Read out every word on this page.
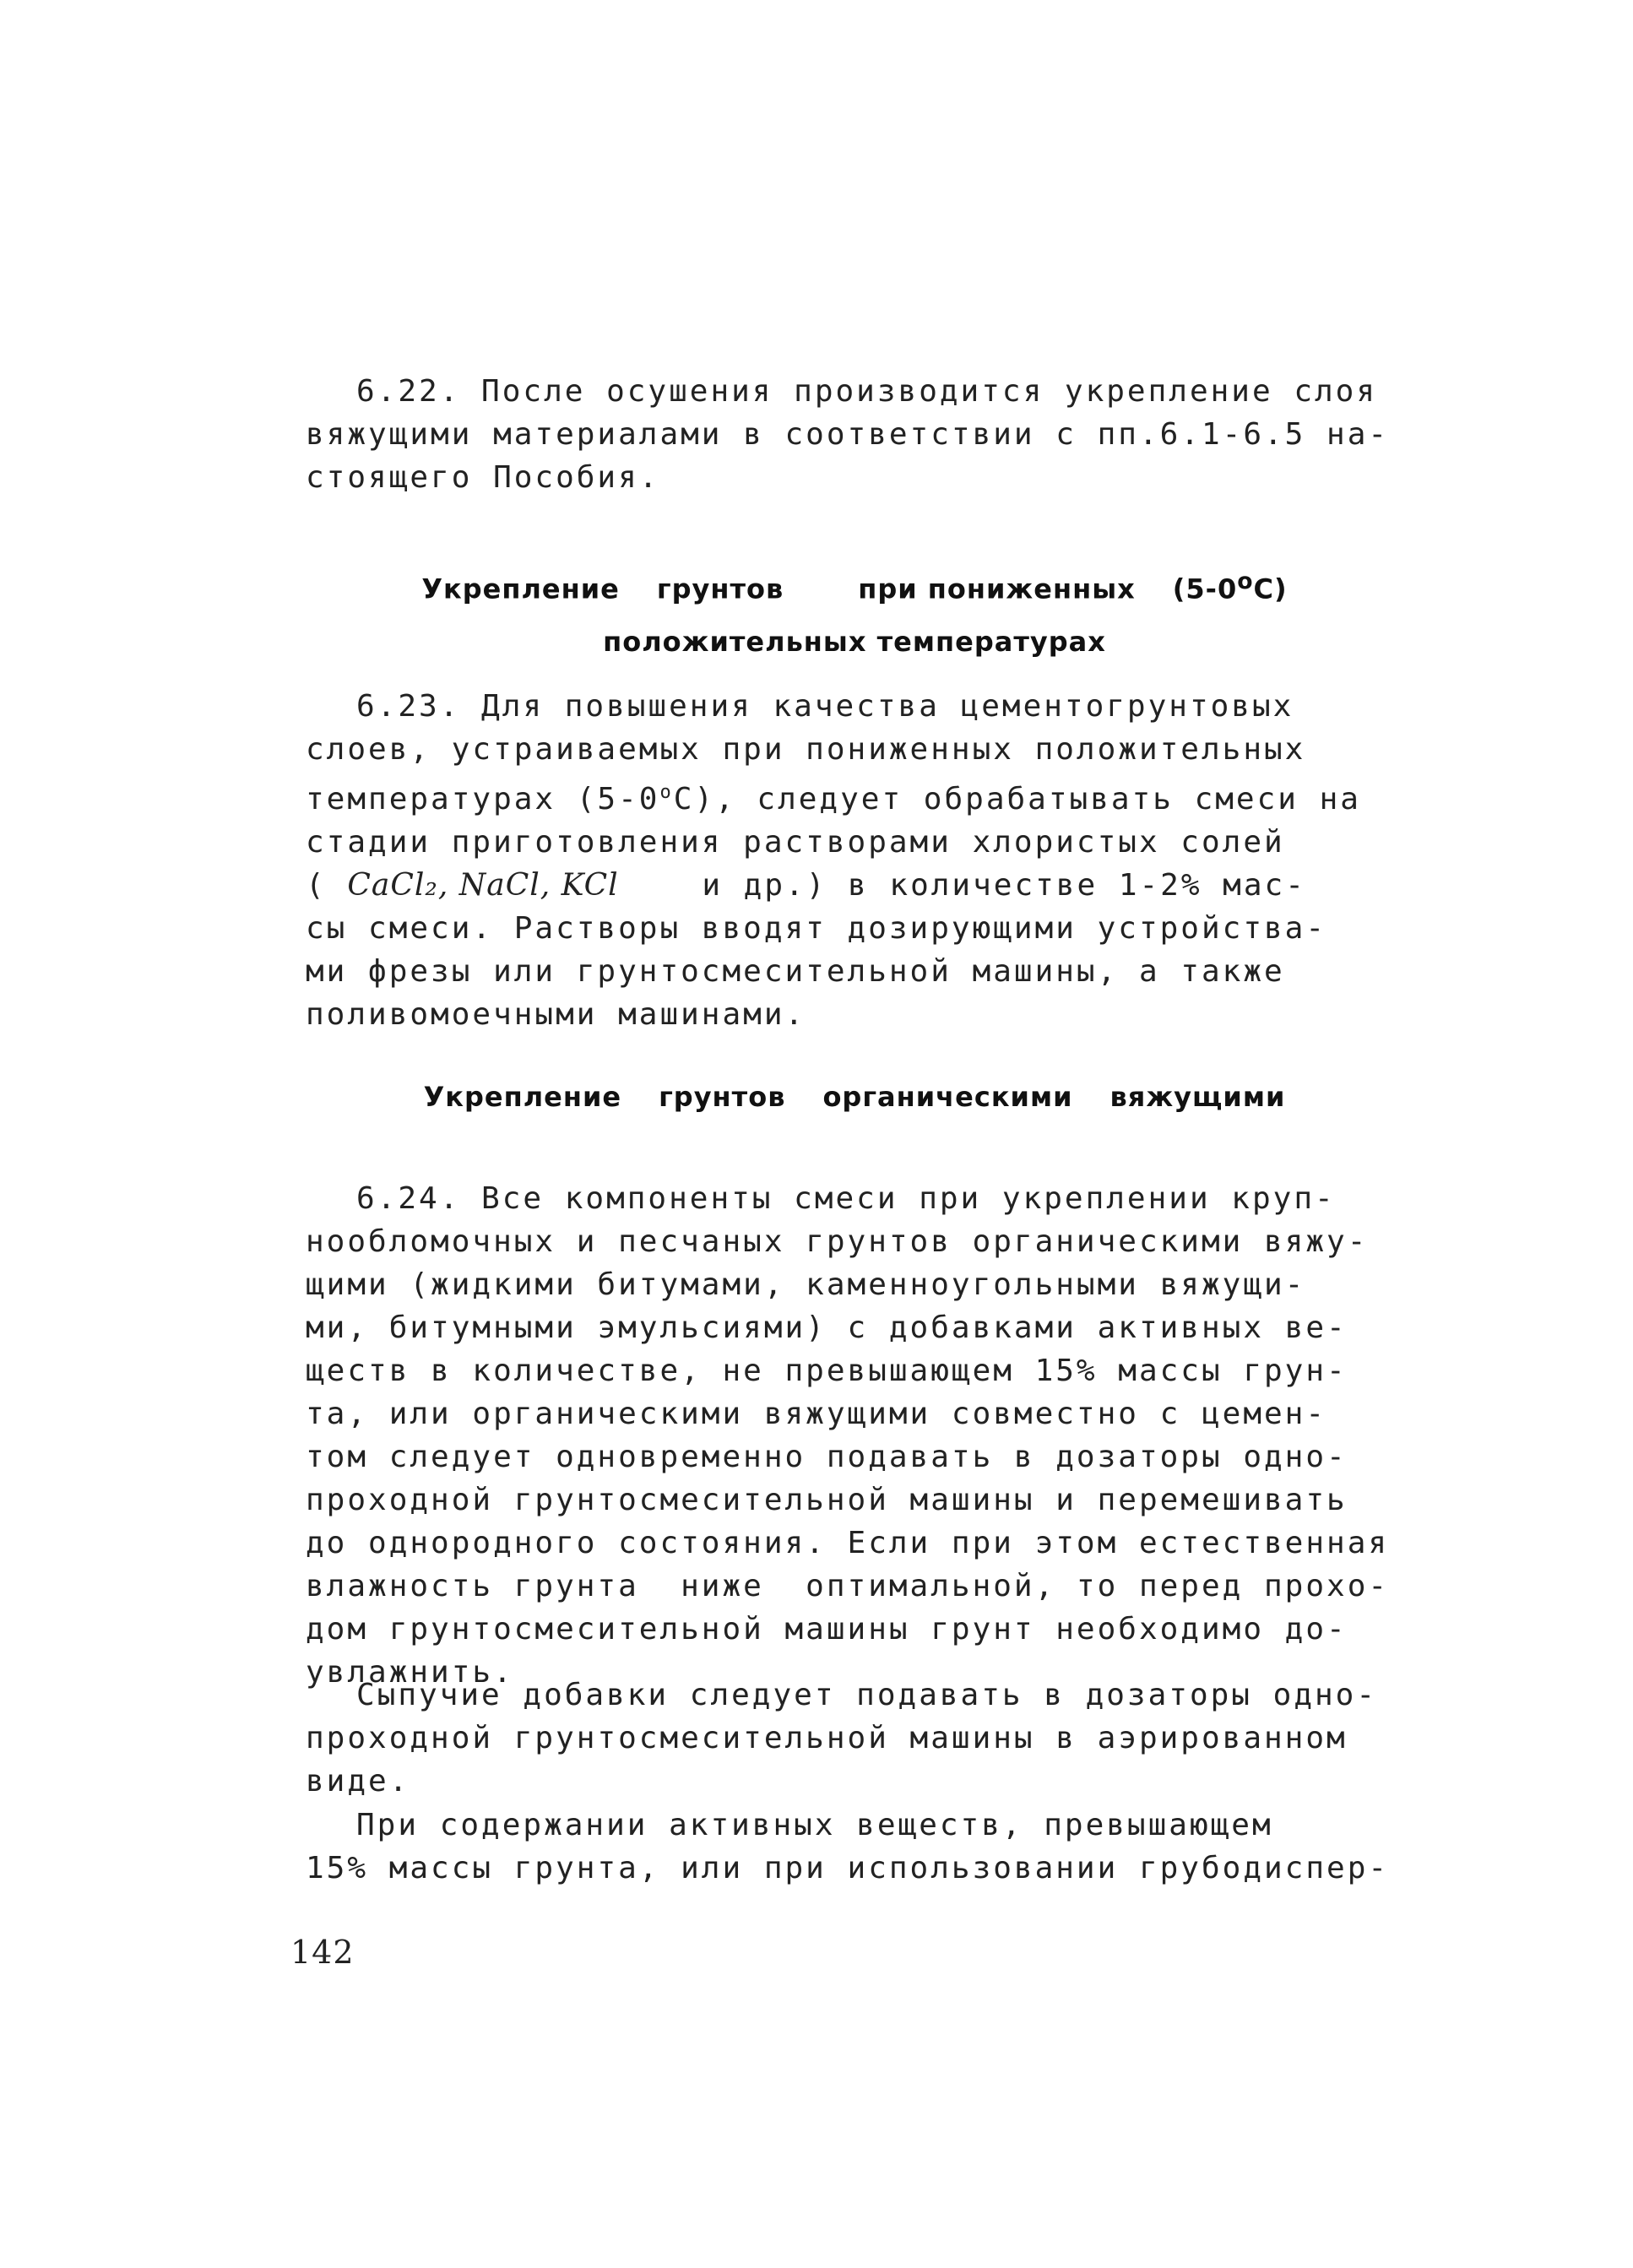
6.22. После осушения производится укрепление слоя
вяжущими материалами в соответствии с пп.6.1-6.5 на-
стоящего Пособия.
Укрепление грунтов	при пониженных $(5-0^оС)$
положительных температурах
6.23. Для повышения качества цементогрунтовых
слоев, устраиваемых при пониженных положительных
температурах $(5-0^оС)$, следует обрабатывать смеси на
стадии приготовления растворами хлористых солей
( CaCl₂, NaCl, KCl    и др.) в количестве 1-2% мас-
сы смеси. Растворы вводят дозирующими устройства-
ми фрезы или грунтосмесительной машины, а также
поливомоечными машинами.
Укрепление грунтов органическими вяжущими
6.24. Все компоненты смеси при укреплении круп-
нообломочных и песчаных грунтов органическими вяжу-
щими (жидкими битумами, каменноугольными вяжущи-
ми, битумными эмульсиями) с добавками активных ве-
ществ в количестве, не превышающем 15% массы грун-
та, или органическими вяжущими совместно с цемен-
том следует одновременно подавать в дозаторы одно-
проходной грунтосмесительной машины и перемешивать
до однородного состояния. Если при этом естественная
влажность грунта  ниже  оптимальной, то перед прохо-
дом грунтосмесительной машины грунт необходимо до-
увлажнить.
Сыпучие добавки следует подавать в дозаторы одно-
проходной грунтосмесительной машины в аэрированном
виде.
При содержании активных веществ, превышающем
15% массы грунта, или при использовании грубодиспер-
142
